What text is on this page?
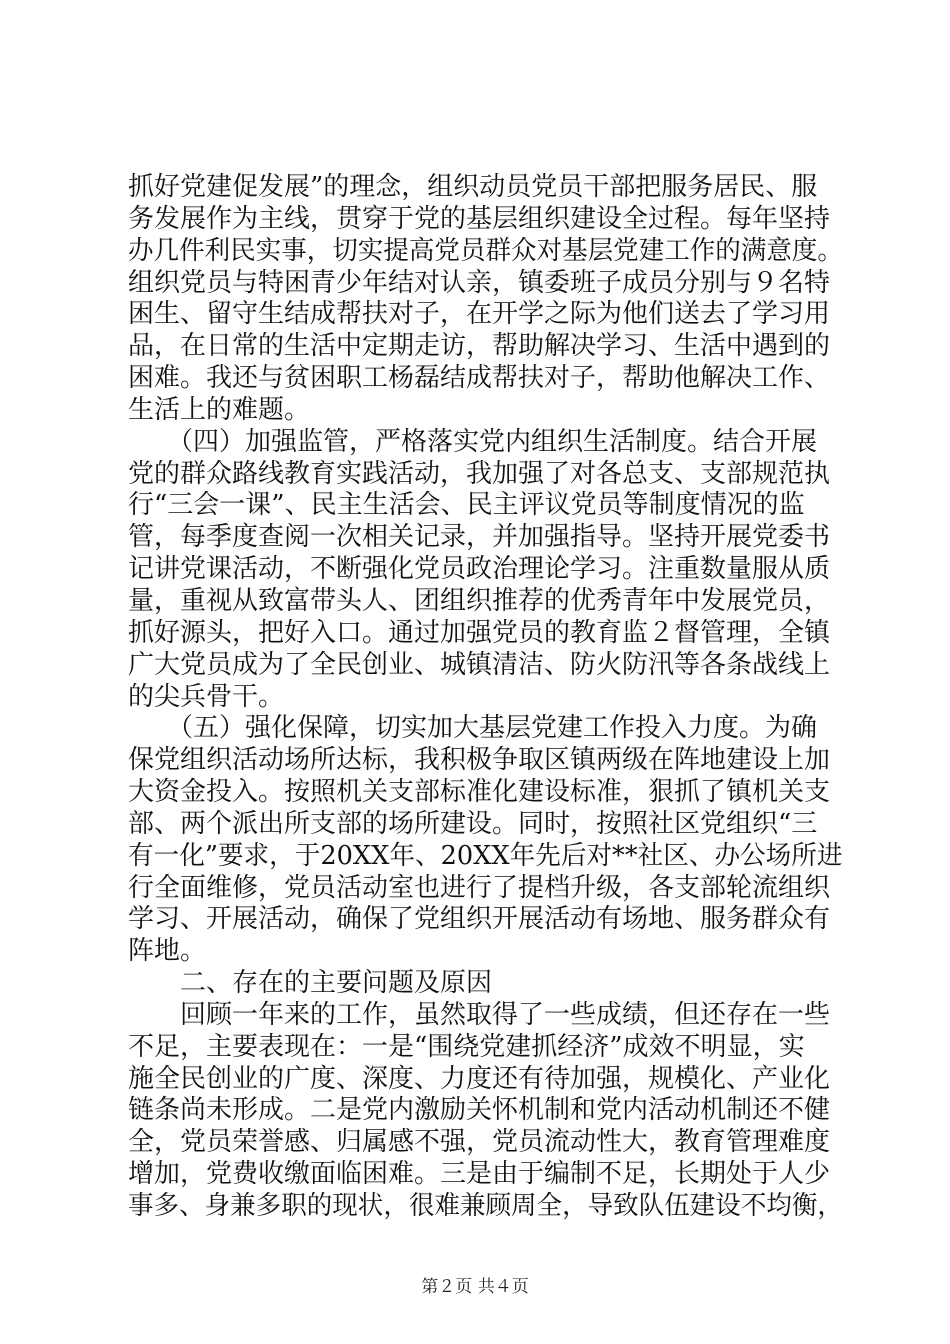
抓好党建促发展”的理念，组织动员党员干部把服务居民、服
务发展作为主线，贯穿于党的基层组织建设全过程。每年坚持
办几件利民实事，切实提高党员群众对基层党建工作的满意度。
组织党员与特困青少年结对认亲，镇委班子成员分别与９名特
困生、留守生结成帮扶对子，在开学之际为他们送去了学习用
品，在日常的生活中定期走访，帮助解决学习、生活中遇到的
困难。我还与贫困职工杨磊结成帮扶对子，帮助他解决工作、
生活上的难题。
　　（四）加强监管，严格落实党内组织生活制度。结合开展
党的群众路线教育实践活动，我加强了对各总支、支部规范执
行“三会一课”、民主生活会、民主评议党员等制度情况的监
管，每季度查阅一次相关记录，并加强指导。坚持开展党委书
记讲党课活动，不断强化党员政治理论学习。注重数量服从质
量，重视从致富带头人、团组织推荐的优秀青年中发展党员，
抓好源头，把好入口。通过加强党员的教育监２督管理，全镇
广大党员成为了全民创业、城镇清洁、防火防汛等各条战线上
的尖兵骨干。
　　（五）强化保障，切实加大基层党建工作投入力度。为确
保党组织活动场所达标，我积极争取区镇两级在阵地建设上加
大资金投入。按照机关支部标准化建设标准，狠抓了镇机关支
部、两个派出所支部的场所建设。同时，按照社区党组织“三
有一化”要求，于20XX年、20XX年先后对**社区、办公场所进
行全面维修，党员活动室也进行了提档升级，各支部轮流组织
学习、开展活动，确保了党组织开展活动有场地、服务群众有
阵地。
　　二、存在的主要问题及原因
　　回顾一年来的工作，虽然取得了一些成绩，但还存在一些
不足，主要表现在：一是“围绕党建抓经济”成效不明显，实
施全民创业的广度、深度、力度还有待加强，规模化、产业化
链条尚未形成。二是党内激励关怀机制和党内活动机制还不健
全，党员荣誉感、归属感不强，党员流动性大，教育管理难度
增加，党费收缴面临困难。三是由于编制不足，长期处于人少
事多、身兼多职的现状，很难兼顾周全，导致队伍建设不均衡，
第２页 共４页
